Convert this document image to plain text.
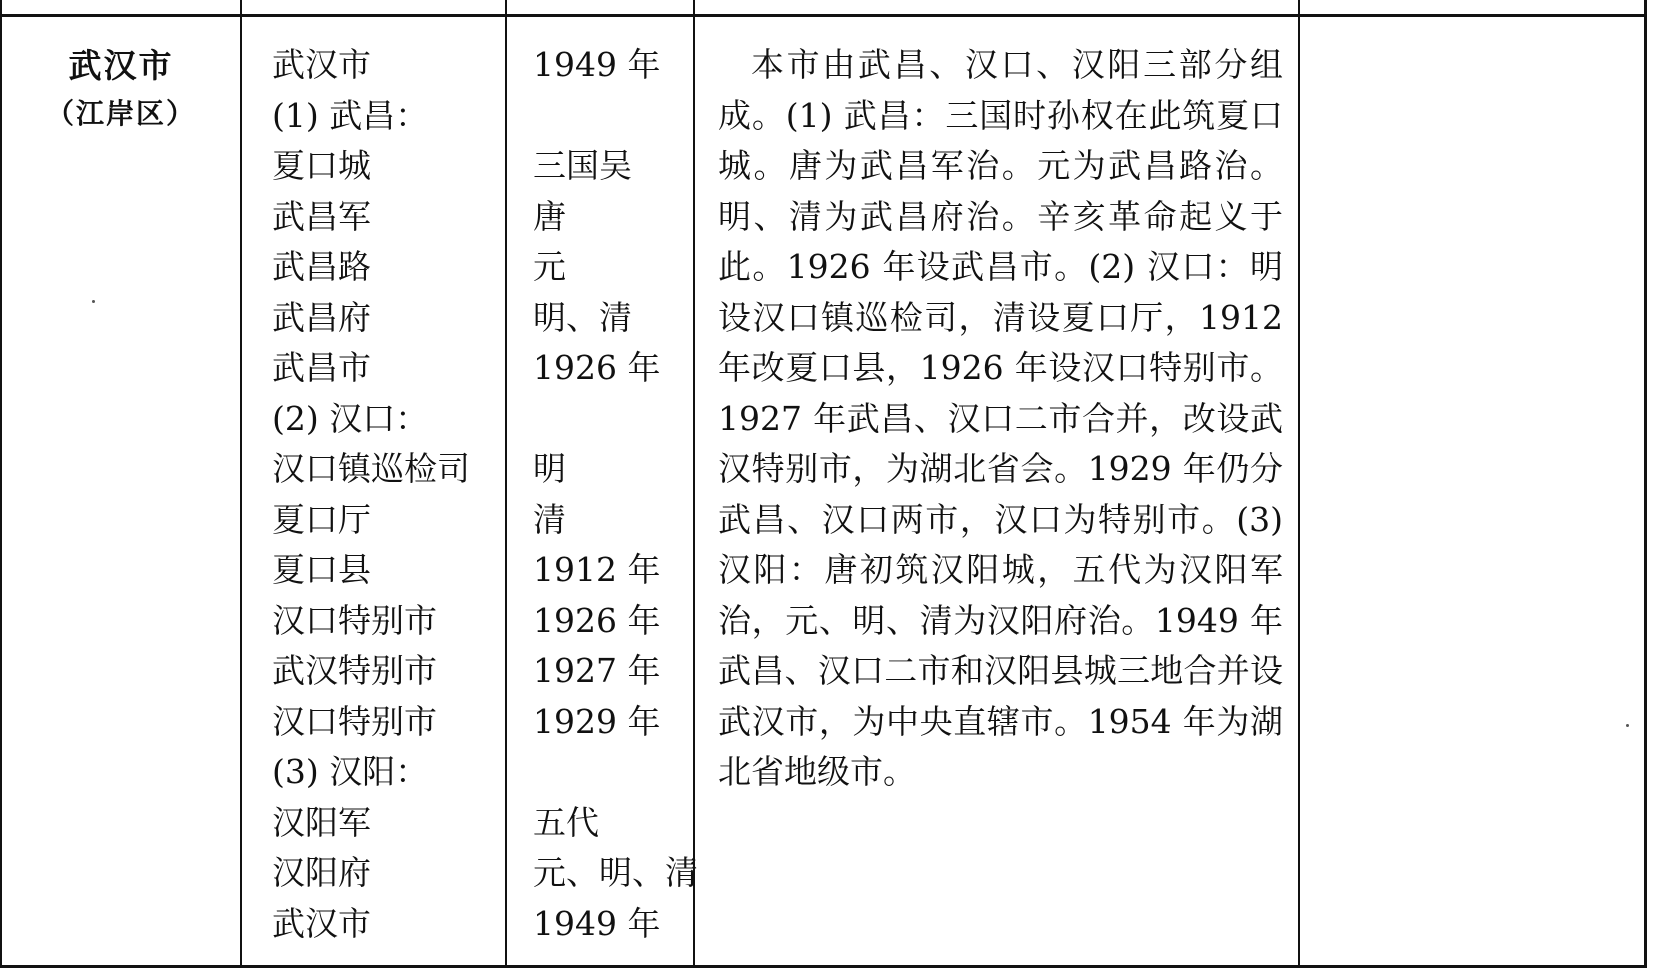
武汉市
（江岸区）
武汉市
(1) 武昌：
夏口城
武昌军
武昌路
武昌府
武昌市
(2) 汉口：
汉口镇巡检司
夏口厅
夏口县
汉口特别市
武汉特别市
汉口特别市
(3) 汉阳：
汉阳军
汉阳府
武汉市
1949 年
三国吴
唐
元
明、清
1926 年
明
清
1912 年
1926 年
1927 年
1929 年
五代
元、明、清
1949 年

本市由武昌、汉口、汉阳三部分组成。(1) 武昌：三国时孙权在此筑夏口城。唐为武昌军治。元为武昌路治。明、清为武昌府治。辛亥革命起义于此。1926 年设武昌市。(2) 汉口：明设汉口镇巡检司，清设夏口厅，1912 年改夏口县，1926 年设汉口特别市。1927 年武昌、汉口二市合并，改设武汉特别市，为湖北省会。1929 年仍分武昌、汉口两市，汉口为特别市。(3) 汉阳：唐初筑汉阳城，五代为汉阳军治，元、明、清为汉阳府治。1949 年武昌、汉口二市和汉阳县城三地合并设武汉市，为中央直辖市。1954 年为湖北省地级市。
